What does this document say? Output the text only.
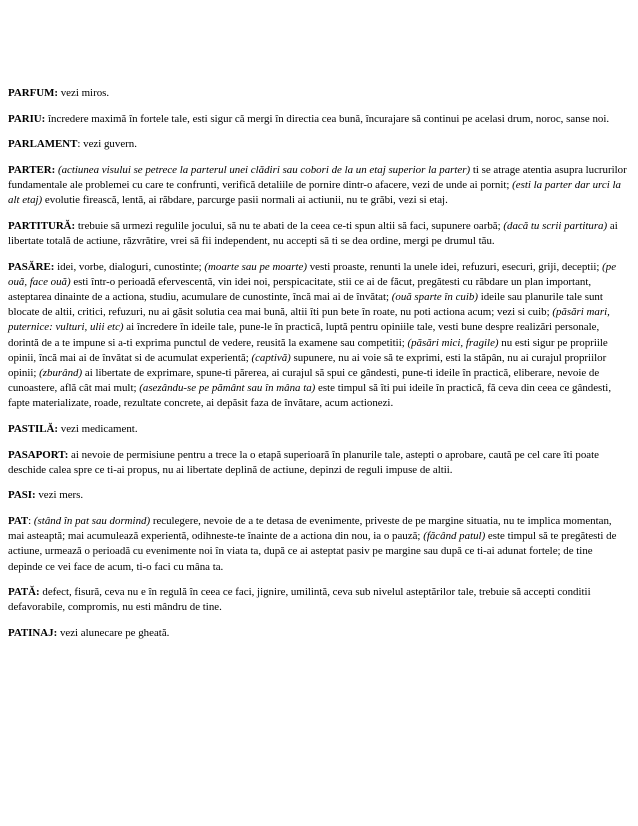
PARFUM: vezi miros.

PARIU: încredere maximă în fortele tale, esti sigur că mergi în directia cea bună, încurajare să continui pe acelasi drum, noroc, sanse noi.

PARLAMENT: vezi guvern.

PARTER: (actiunea visului se petrece la parterul unei clădiri sau cobori de la un etaj superior la parter) ti se atrage atentia asupra lucrurilor fundamentale ale problemei cu care te confrunti, verifică detaliile de pornire dintr-o afacere, vezi de unde ai pornit; (esti la parter dar urci la alt etaj) evolutie firească, lentă, ai răbdare, parcurge pasii normali ai actiunii, nu te grăbi, vezi si etaj.

PARTITURĂ: trebuie să urmezi regulile jocului, să nu te abati de la ceea ce-ti spun altii să faci, supunere oarbă; (dacă tu scrii partitura) ai libertate totală de actiune, răzvrătire, vrei să fii independent, nu accepti să ti se dea ordine, mergi pe drumul tău.

PASĂRE: idei, vorbe, dialoguri, cunostinte; (moarte sau pe moarte) vesti proaste, renunti la unele idei, refuzuri, esecuri, griji, deceptii; (pe ouă, face ouă) esti într-o perioadă efervescentă, vin idei noi, perspicacitate, stii ce ai de făcut, pregătesti cu răbdare un plan important, asteptarea dinainte de a actiona, studiu, acumulare de cunostinte, încă mai ai de învătat; (ouă sparte în cuib) ideile sau planurile tale sunt blocate de altii, critici, refuzuri, nu ai găsit solutia cea mai bună, altii îti pun bete în roate, nu poti actiona acum; vezi si cuib; (păsări mari, puternice: vulturi, ulii etc) ai încredere în ideile tale, pune-le în practică, luptă pentru opiniile tale, vesti bune despre realizări personale, dorintă de a te impune si a-ti exprima punctul de vedere, reusită la examene sau competitii; (păsări mici, fragile) nu esti sigur pe propriile opinii, încă mai ai de învătat si de acumulat experientă; (captivă) supunere, nu ai voie să te exprimi, esti la stăpân, nu ai curajul propriilor opinii; (zburând) ai libertate de exprimare, spune-ti părerea, ai curajul să spui ce gândesti, pune-ti ideile în practică, eliberare, nevoie de cunoastere, află cât mai mult; (asezându-se pe pământ sau în mâna ta) este timpul să îti pui ideile în practică, fă ceva din ceea ce gândesti, fapte materializate, roade, rezultate concrete, ai depăsit faza de învătare, acum actionezi.

PASTILĂ: vezi medicament.

PASAPORT: ai nevoie de permisiune pentru a trece la o etapă superioară în planurile tale, astepti o aprobare, caută pe cel care îti poate deschide calea spre ce ti-ai propus, nu ai libertate deplină de actiune, depinzi de reguli impuse de altii.

PASI: vezi mers.

PAT: (stând în pat sau dormind) reculegere, nevoie de a te detasa de evenimente, priveste de pe margine situatia, nu te implica momentan, mai asteaptă; mai acumulează experientă, odihneste-te înainte de a actiona din nou, ia o pauză; (făcând patul) este timpul să te pregătesti de actiune, urmează o perioadă cu evenimente noi în viata ta, după ce ai asteptat pasiv pe margine sau după ce ti-ai adunat fortele; de tine depinde ce vei face de acum, ti-o faci cu mâna ta.

PATĂ: defect, fisură, ceva nu e în regulă în ceea ce faci, jignire, umilintă, ceva sub nivelul asteptărilor tale, trebuie să accepti conditii defavorabile, compromis, nu esti mândru de tine.

PATINAJ: vezi alunecare pe gheată.
